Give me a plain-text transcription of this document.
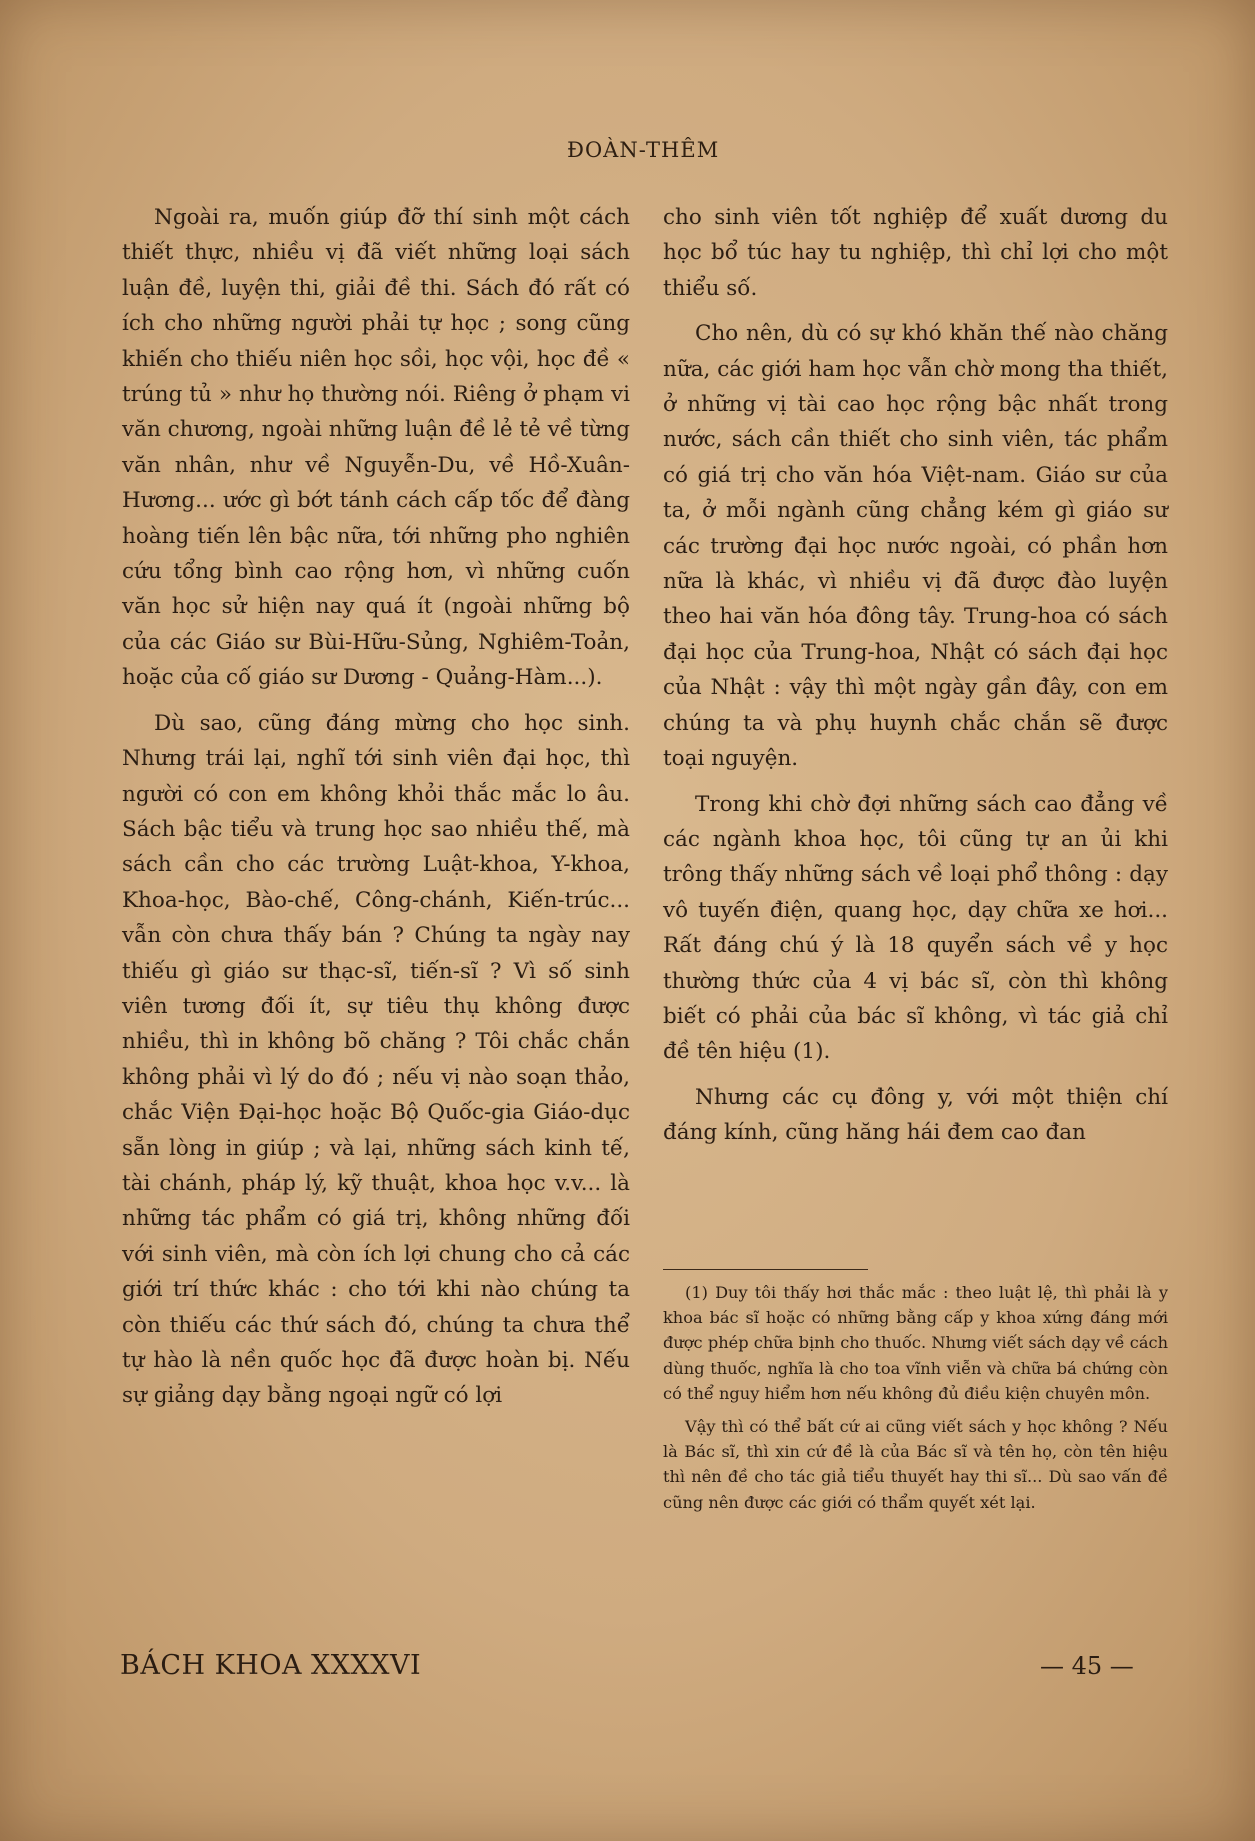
ĐOÀN-THÊM

Ngoài ra, muốn giúp đỡ thí sinh một cách thiết thực, nhiều vị đã viết những loại sách luận đề, luyện thi, giải đề thi. Sách đó rất có ích cho những người phải tự học ; song cũng khiến cho thiếu niên học sồi, học vội, học đề « trúng tủ » như họ thường nói. Riêng ở phạm vi văn chương, ngoài những luận đề lẻ tẻ về từng văn nhân, như về Nguyễn-Du, về Hồ-Xuân-Hương... ước gì bớt tánh cách cấp tốc để đàng hoàng tiến lên bậc nữa, tới những pho nghiên cứu tổng bình cao rộng hơn, vì những cuốn văn học sử hiện nay quá ít (ngoài những bộ của các Giáo sư Bùi-Hữu-Sủng, Nghiêm-Toản, hoặc của cố giáo sư Dương - Quảng-Hàm...).

Dù sao, cũng đáng mừng cho học sinh. Nhưng trái lại, nghĩ tới sinh viên đại học, thì người có con em không khỏi thắc mắc lo âu. Sách bậc tiểu và trung học sao nhiều thế, mà sách cần cho các trường Luật-khoa, Y-khoa, Khoa-học, Bào-chế, Công-chánh, Kiến-trúc... vẫn còn chưa thấy bán ? Chúng ta ngày nay thiếu gì giáo sư thạc-sĩ, tiến-sĩ ? Vì số sinh viên tương đối ít, sự tiêu thụ không được nhiều, thì in không bõ chăng ? Tôi chắc chắn không phải vì lý do đó ; nếu vị nào soạn thảo, chắc Viện Đại-học hoặc Bộ Quốc-gia Giáo-dục sẵn lòng in giúp ; và lại, những sách kinh tế, tài chánh, pháp lý, kỹ thuật, khoa học v.v... là những tác phẩm có giá trị, không những đối với sinh viên, mà còn ích lợi chung cho cả các giới trí thức khác : cho tới khi nào chúng ta còn thiếu các thứ sách đó, chúng ta chưa thể tự hào là nền quốc học đã được hoàn bị. Nếu sự giảng dạy bằng ngoại ngữ có lợi

cho sinh viên tốt nghiệp để xuất dương du học bổ túc hay tu nghiệp, thì chỉ lợi cho một thiểu số.

Cho nên, dù có sự khó khăn thế nào chăng nữa, các giới ham học vẫn chờ mong tha thiết, ở những vị tài cao học rộng bậc nhất trong nước, sách cần thiết cho sinh viên, tác phẩm có giá trị cho văn hóa Việt-nam. Giáo sư của ta, ở mỗi ngành cũng chẳng kém gì giáo sư các trường đại học nước ngoài, có phần hơn nữa là khác, vì nhiều vị đã được đào luyện theo hai văn hóa đông tây. Trung-hoa có sách đại học của Trung-hoa, Nhật có sách đại học của Nhật : vậy thì một ngày gần đây, con em chúng ta và phụ huynh chắc chắn sẽ được toại nguyện.

Trong khi chờ đợi những sách cao đẳng về các ngành khoa học, tôi cũng tự an ủi khi trông thấy những sách về loại phổ thông : dạy vô tuyến điện, quang học, dạy chữa xe hơi... Rất đáng chú ý là 18 quyển sách về y học thường thức của 4 vị bác sĩ, còn thì không biết có phải của bác sĩ không, vì tác giả chỉ đề tên hiệu (1).

Nhưng các cụ đông y, với một thiện chí đáng kính, cũng hăng hái đem cao đan

(1) Duy tôi thấy hơi thắc mắc : theo luật lệ, thì phải là y khoa bác sĩ hoặc có những bằng cấp y khoa xứng đáng mới được phép chữa bịnh cho thuốc. Nhưng viết sách dạy về cách dùng thuốc, nghĩa là cho toa vĩnh viễn và chữa bá chứng còn có thể nguy hiểm hơn nếu không đủ điều kiện chuyên môn.

Vậy thì có thể bất cứ ai cũng viết sách y học không ? Nếu là Bác sĩ, thì xin cứ đề là của Bác sĩ và tên họ, còn tên hiệu thì nên đề cho tác giả tiểu thuyết hay thi sĩ... Dù sao vấn đề cũng nên được các giới có thẩm quyết xét lại.

BÁCH KHOA XXXXVI	— 45 —
